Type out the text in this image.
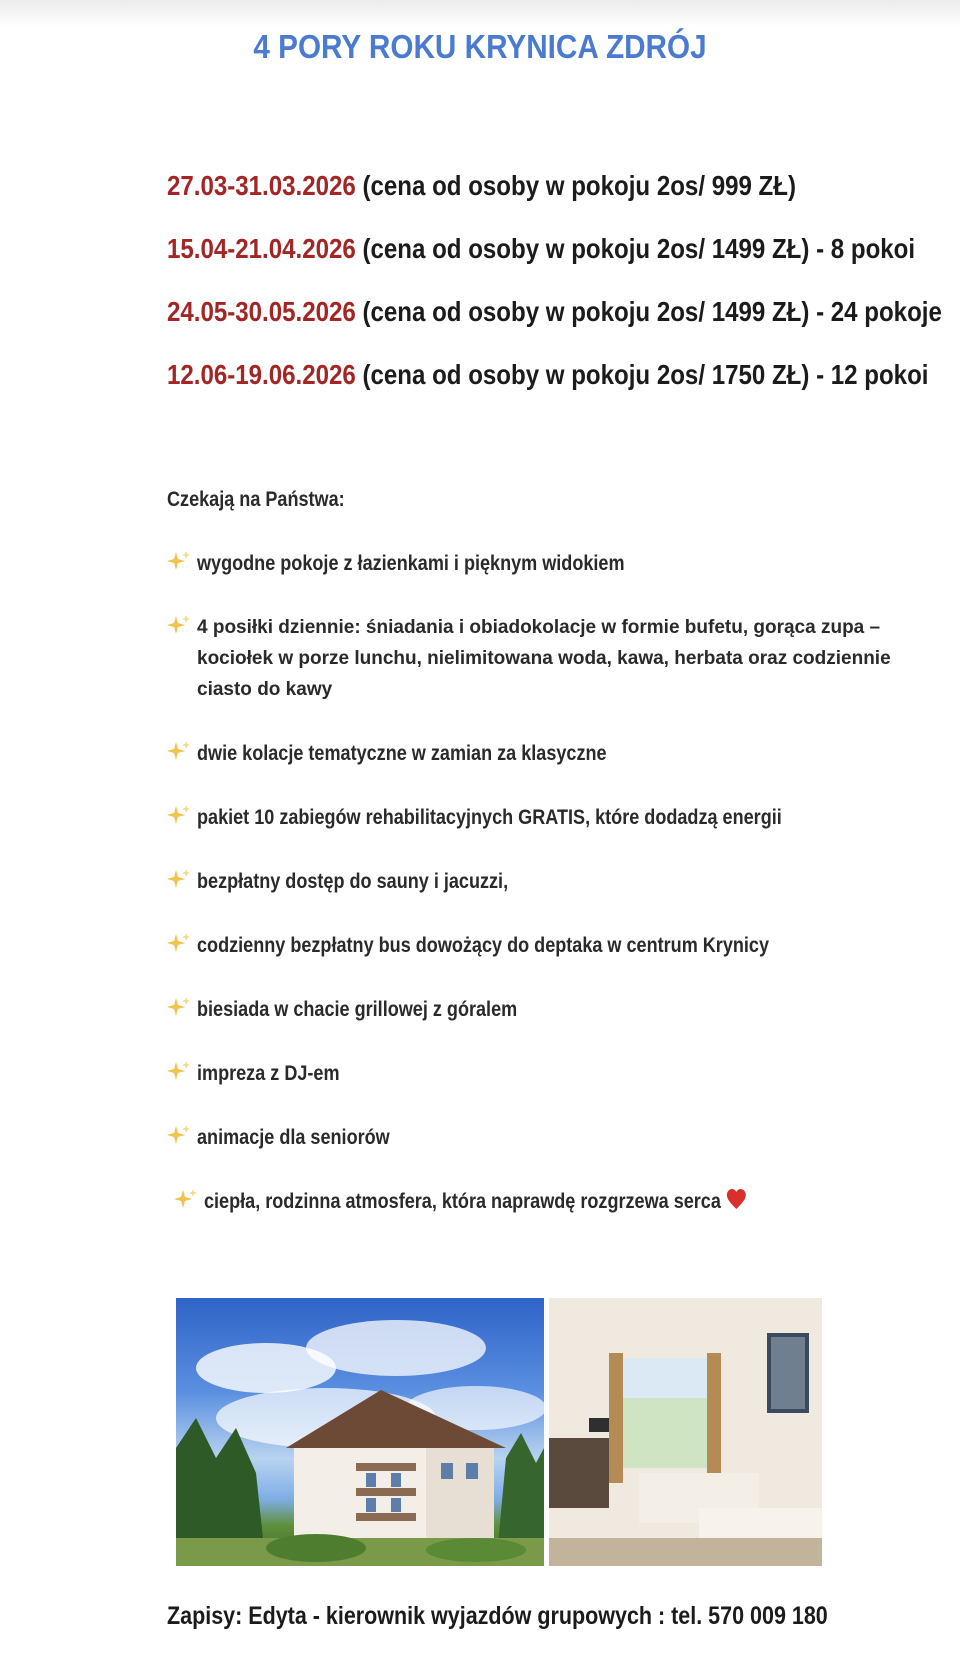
4 PORY ROKU KRYNICA ZDRÓJ
27.03-31.03.2026 (cena od osoby w pokoju 2os/ 999 ZŁ)
15.04-21.04.2026 (cena od osoby w pokoju 2os/ 1499 ZŁ) - 8 pokoi
24.05-30.05.2026 (cena od osoby w pokoju 2os/ 1499 ZŁ) - 24 pokoje
12.06-19.06.2026 (cena od osoby w pokoju 2os/ 1750 ZŁ) - 12 pokoi
Czekają na Państwa:
wygodne pokoje z łazienkami i pięknym widokiem
4 posiłki dziennie: śniadania i obiadokolacje w formie bufetu, gorąca zupa – kociołek w porze lunchu, nielimitowana woda, kawa, herbata oraz codziennie ciasto do kawy
dwie kolacje tematyczne w zamian za klasyczne
pakiet 10 zabiegów rehabilitacyjnych GRATIS, które dodadzą energii
bezpłatny dostęp do sauny i jacuzzi,
codzienny bezpłatny bus dowożący do deptaka w centrum Krynicy
biesiada w chacie grillowej z góralem
impreza z DJ-em
animacje dla seniorów
ciepła, rodzinna atmosfera, która naprawdę rozgrzewa serca
Zapisy: Edyta - kierownik wyjazdów grupowych : tel. 570 009 180
